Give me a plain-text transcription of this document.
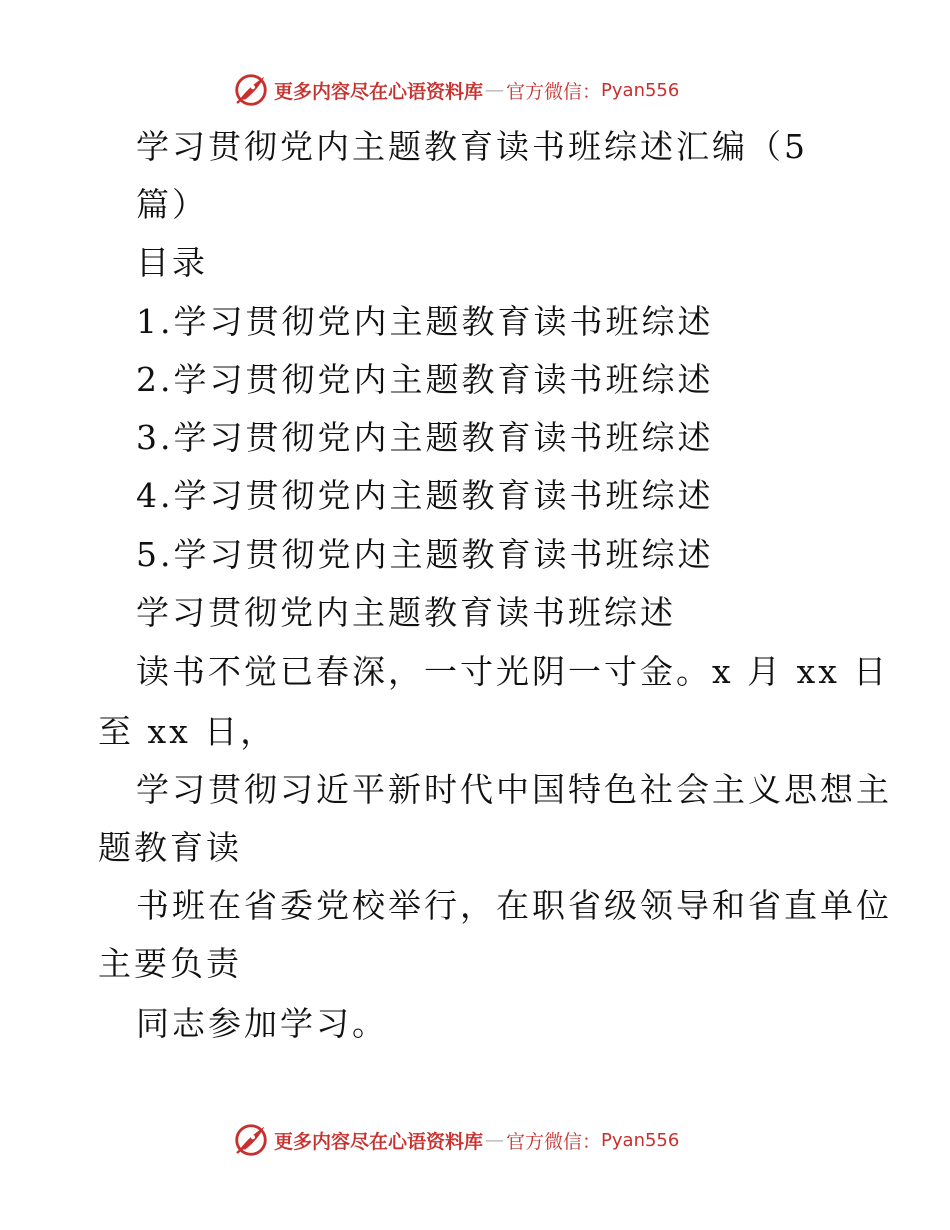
更多内容尽在心语资料库 — 官方微信： Pyan556
学习贯彻党内主题教育读书班综述汇编（5
篇）
目录
1.学习贯彻党内主题教育读书班综述
2.学习贯彻党内主题教育读书班综述
3.学习贯彻党内主题教育读书班综述
4.学习贯彻党内主题教育读书班综述
5.学习贯彻党内主题教育读书班综述
学习贯彻党内主题教育读书班综述
读书不觉已春深，一寸光阴一寸金。x 月 xx 日
至 xx 日，
学习贯彻习近平新时代中国特色社会主义思想主
题教育读
书班在省委党校举行，在职省级领导和省直单位
主要负责
同志参加学习。
更多内容尽在心语资料库 — 官方微信： Pyan556
